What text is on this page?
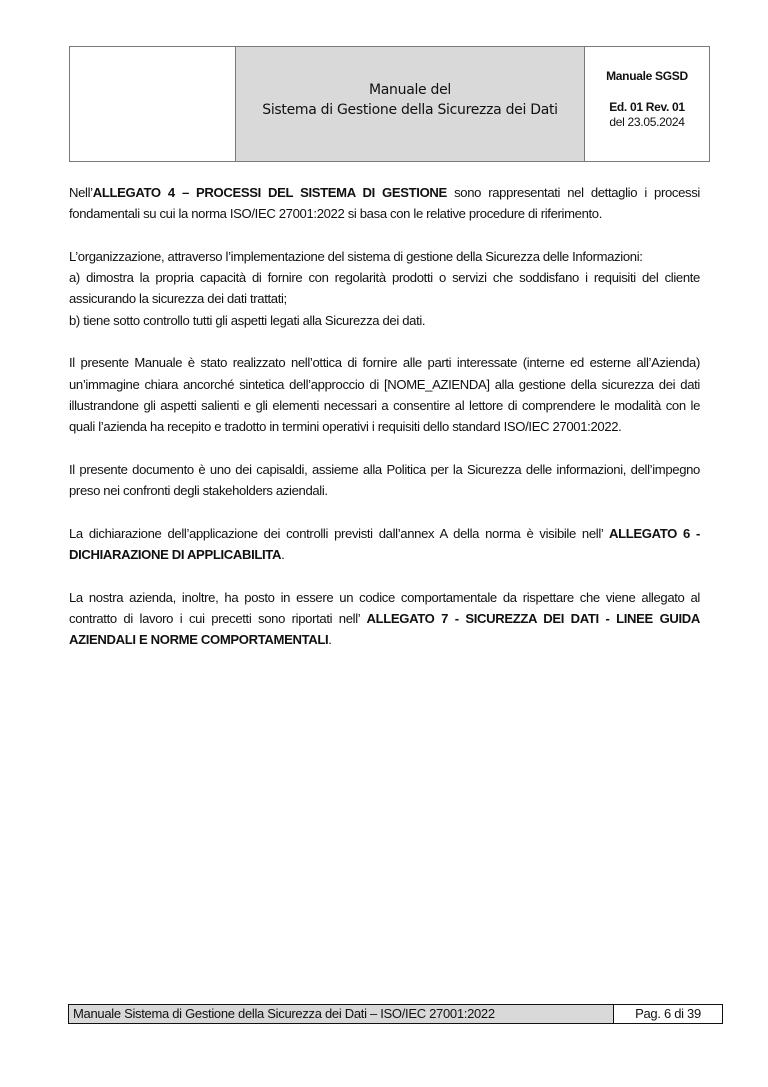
Manuale del
Sistema di Gestione della Sicurezza dei Dati
Manuale SGSD
Ed. 01 Rev. 01
del 23.05.2024

Nell’ALLEGATO 4 – PROCESSI DEL SISTEMA DI GESTIONE sono rappresentati nel dettaglio i processi fondamentali su cui la norma ISO/IEC 27001:2022 si basa con le relative procedure di riferimento.

L’organizzazione, attraverso l’implementazione del sistema di gestione della Sicurezza delle Informazioni:
a) dimostra la propria capacità di fornire con regolarità prodotti o servizi che soddisfano i requisiti del cliente assicurando la sicurezza dei dati trattati;
b) tiene sotto controllo tutti gli aspetti legati alla Sicurezza dei dati.

Il presente Manuale è stato realizzato nell’ottica di fornire alle parti interessate (interne ed esterne all’Azienda) un’immagine chiara ancorché sintetica dell’approccio di [NOME_AZIENDA] alla gestione della sicurezza dei dati illustrandone gli aspetti salienti e gli elementi necessari a consentire al lettore di comprendere le modalità con le quali l’azienda ha recepito e tradotto in termini operativi i requisiti dello standard ISO/IEC 27001:2022.

Il presente documento è uno dei capisaldi, assieme alla Politica per la Sicurezza delle informazioni, dell’impegno preso nei confronti degli stakeholders aziendali.

La dichiarazione dell’applicazione dei controlli previsti dall’annex A della norma è visibile nell’ ALLEGATO 6 - DICHIARAZIONE DI APPLICABILITA.

La nostra azienda, inoltre, ha posto in essere un codice comportamentale da rispettare che viene allegato al contratto di lavoro i cui precetti sono riportati nell’ ALLEGATO 7 - SICUREZZA DEI DATI - LINEE GUIDA AZIENDALI E NORME COMPORTAMENTALI.

Manuale Sistema di Gestione della Sicurezza dei Dati – ISO/IEC 27001:2022	Pag. 6 di 39
